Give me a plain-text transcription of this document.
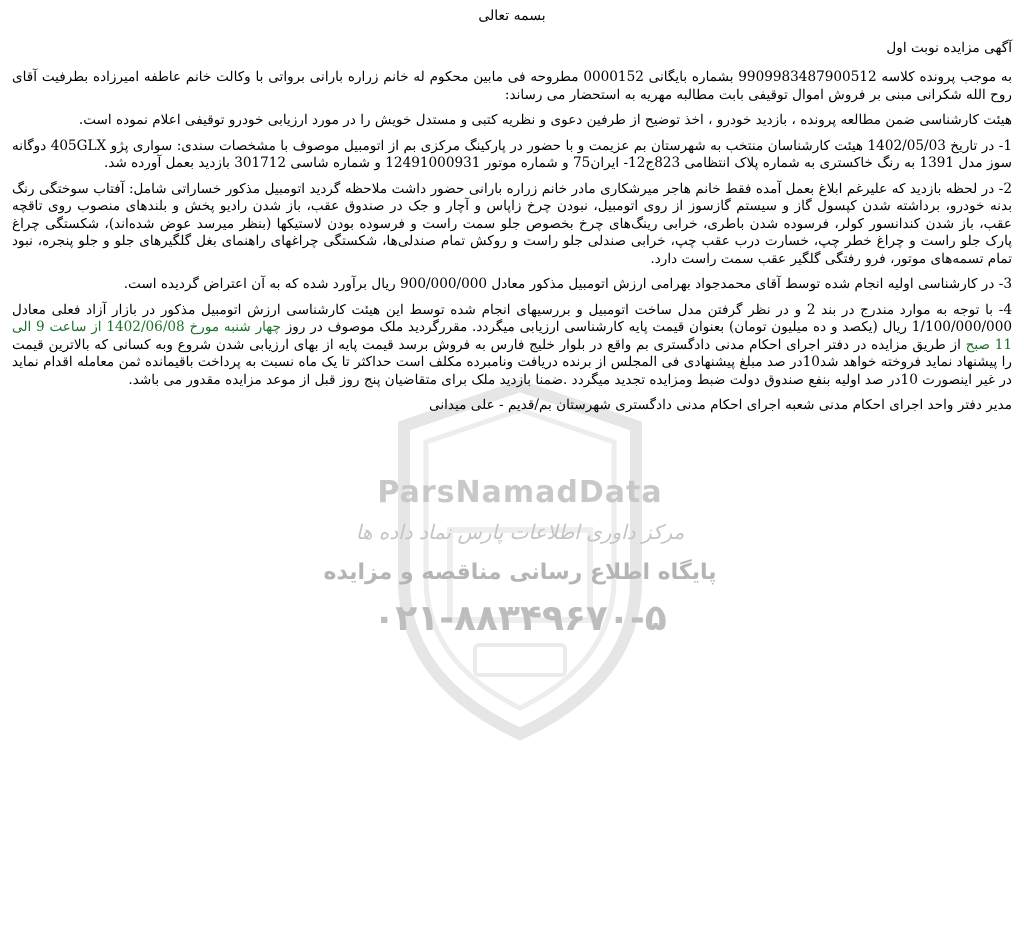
ParsNamadData
مرکز داوری اطلاعات پارس نماد داده ها
پایگاه اطلاع رسانی مناقصه و مزایده
۰۲۱-۸۸۳۴۹۶۷۰-۵
بسمه تعالی
آگهی مزایده نوبت اول

به موجب پرونده کلاسه 9909983487900512 بشماره بایگانی 0000152 مطروحه فی مابین محکوم له خانم زراره بارانی برواتی با وکالت خانم عاطفه امیرزاده بطرفیت آقای روح الله شکرانی مبنی بر فروش اموال توقیفی بابت مطالبه مهریه به استحضار می رساند:

هیئت کارشناسی ضمن مطالعه پرونده ، بازدید خودرو ، اخذ توضیح از طرفین دعوی و نظریه کتبی و مستدل خویش را در مورد ارزیابی خودرو توقیفی اعلام نموده است.

1- در تاریخ 1402/05/03 هیئت کارشناسان منتخب به شهرستان بم عزیمت و با حضور در پارکینگ مرکزی بم از اتومبیل موصوف با مشخصات سندی: سواری پژو 405GLX دوگانه سوز مدل 1391 به رنگ خاکستری به شماره پلاک انتظامی 823ج12- ایران75 و شماره موتور 12491000931 و شماره شاسی 301712 بازدید بعمل آورده شد.

2- در لحظه بازدید که علیرغم ابلاغ بعمل آمده فقط خانم هاجر میرشکاری مادر خانم زراره بارانی حضور داشت ملاحظه گردید اتومبیل مذکور خساراتی شامل: آفتاب سوختگی رنگ بدنه خودرو، برداشته شدن کپسول گاز و سیستم گازسوز از روی اتومبیل، نبودن چرخ زاپاس و آچار و جک در صندوق عقب، باز شدن رادیو پخش و بلندهای منصوب روی تاقچه عقب، باز شدن کندانسور کولر، فرسوده شدن باطری، خرابی رینگ‌های چرخ بخصوص جلو سمت راست و فرسوده بودن لاستیکها (بنظر میرسد عوض شده‌اند)، شکستگی چراغ پارک جلو راست و چراغ خطر چپ، خسارت درب عقب چپ، خرابی صندلی جلو راست و روکش تمام صندلی‌ها، شکستگی چراغهای راهنمای بغل گلگیرهای جلو و جلو پنجره، نبود تمام تسمه‌های موتور، فرو رفتگی گلگیر عقب سمت راست دارد.

3- در کارشناسی اولیه انجام شده توسط آقای محمدجواد بهرامی ارزش اتومبیل مذکور معادل 900/000/000 ریال برآورد شده که به آن اعتراض گردیده است.

4- با توجه به موارد مندرج در بند 2 و در نظر گرفتن مدل ساخت اتومبیل و بررسیهای انجام شده توسط این هیئت کارشناسی ارزش اتومبیل مذکور در بازار آزاد فعلی معادل 1/100/000/000 ریال (یکصد و ده میلیون تومان) بعنوان قیمت پایه کارشناسی ارزیابی میگردد. مقررگردید ملک موصوف در روز چهار شنبه مورخ 1402/06/08 از ساعت 9 الی 11 صبح از طریق مزایده در دفتر اجرای احکام مدنی دادگستری بم واقع در بلوار خلیج فارس به فروش برسد قیمت پایه از بهای ارزیابی شدن شروع وبه کسانی که بالاترین قیمت را پیشنهاد نماید فروخته خواهد شد10در صد مبلغ پیشنهادی فی المجلس از برنده دریافت ونامبرده مکلف است حداکثر تا یک ماه نسبت به پرداخت باقیمانده ثمن معامله اقدام نماید در غیر اینصورت 10در صد اولیه بنفع صندوق دولت ضبط ومزایده تجدید میگردد .ضمنا بازدید ملک برای متقاضیان پنج روز قبل از موعد مزایده مقدور می باشد.

مدیر دفتر واحد اجرای احکام مدنی شعبه اجرای احکام مدنی دادگستری شهرستان بم/قدیم - علی میدانی
